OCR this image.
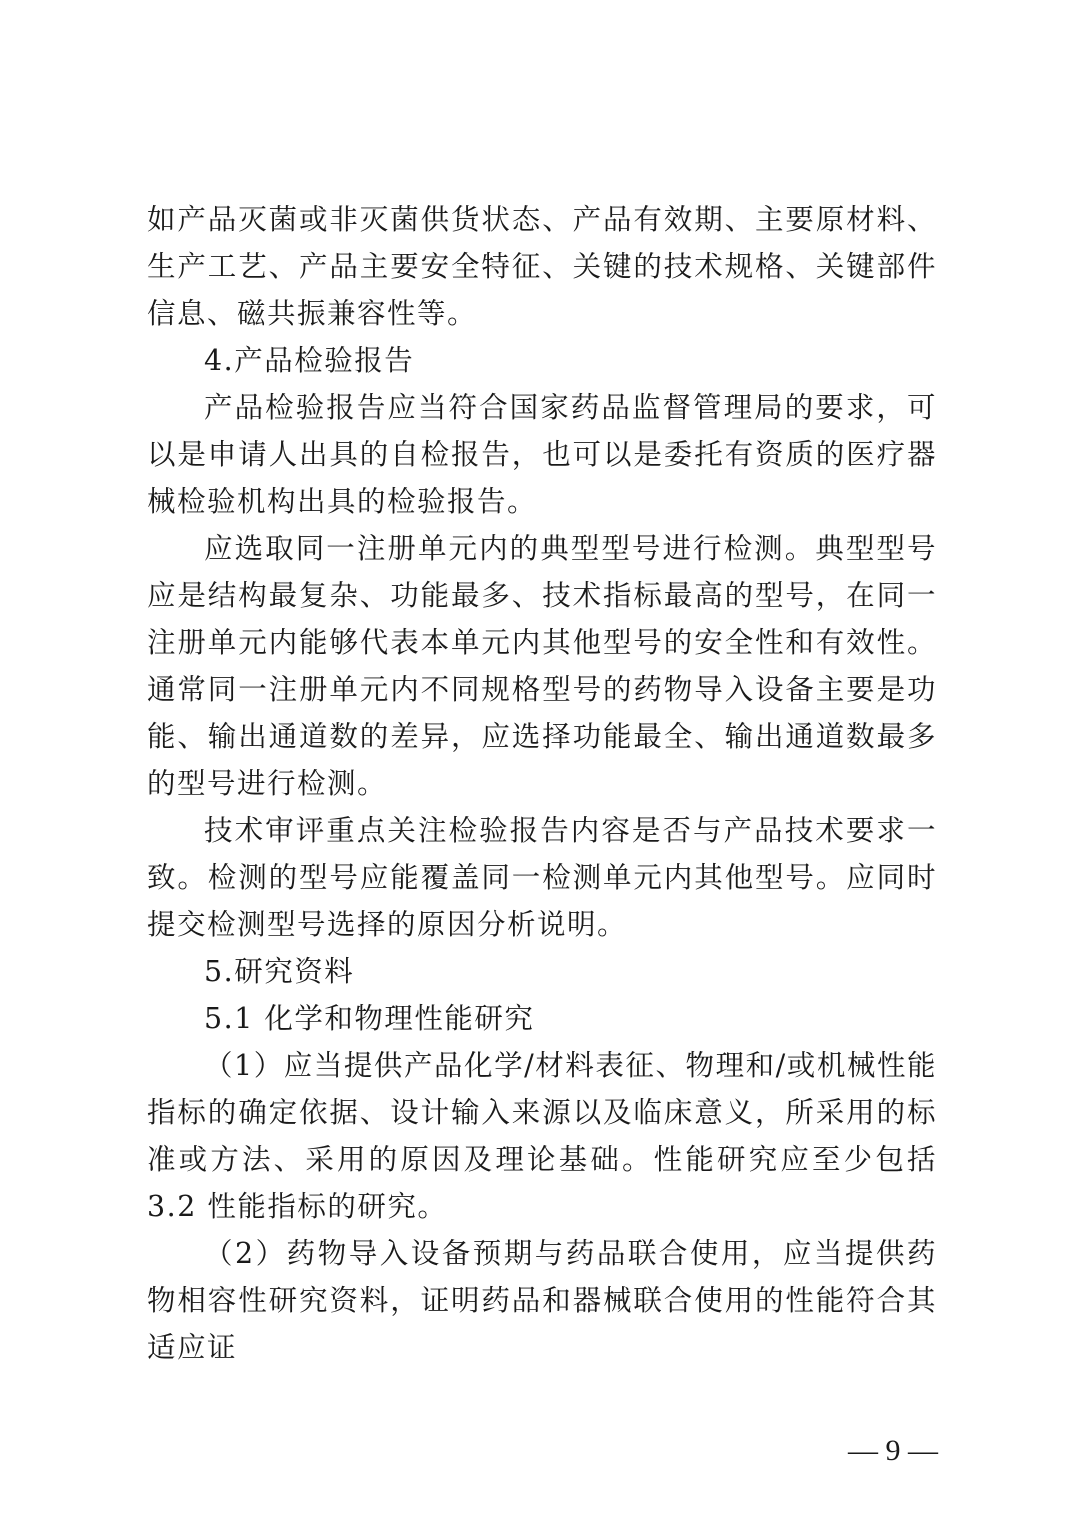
如产品灭菌或非灭菌供货状态、产品有效期、主要原材料、生产工艺、产品主要安全特征、关键的技术规格、关键部件信息、磁共振兼容性等。

4.产品检验报告

产品检验报告应当符合国家药品监督管理局的要求，可以是申请人出具的自检报告，也可以是委托有资质的医疗器械检验机构出具的检验报告。

应选取同一注册单元内的典型型号进行检测。典型型号应是结构最复杂、功能最多、技术指标最高的型号，在同一注册单元内能够代表本单元内其他型号的安全性和有效性。通常同一注册单元内不同规格型号的药物导入设备主要是功能、输出通道数的差异，应选择功能最全、输出通道数最多的型号进行检测。

技术审评重点关注检验报告内容是否与产品技术要求一致。检测的型号应能覆盖同一检测单元内其他型号。应同时提交检测型号选择的原因分析说明。

5.研究资料

5.1 化学和物理性能研究

（1）应当提供产品化学/材料表征、物理和/或机械性能指标的确定依据、设计输入来源以及临床意义，所采用的标准或方法、采用的原因及理论基础。性能研究应至少包括 3.2 性能指标的研究。

（2）药物导入设备预期与药品联合使用，应当提供药物相容性研究资料，证明药品和器械联合使用的性能符合其适应证

— 9 —
